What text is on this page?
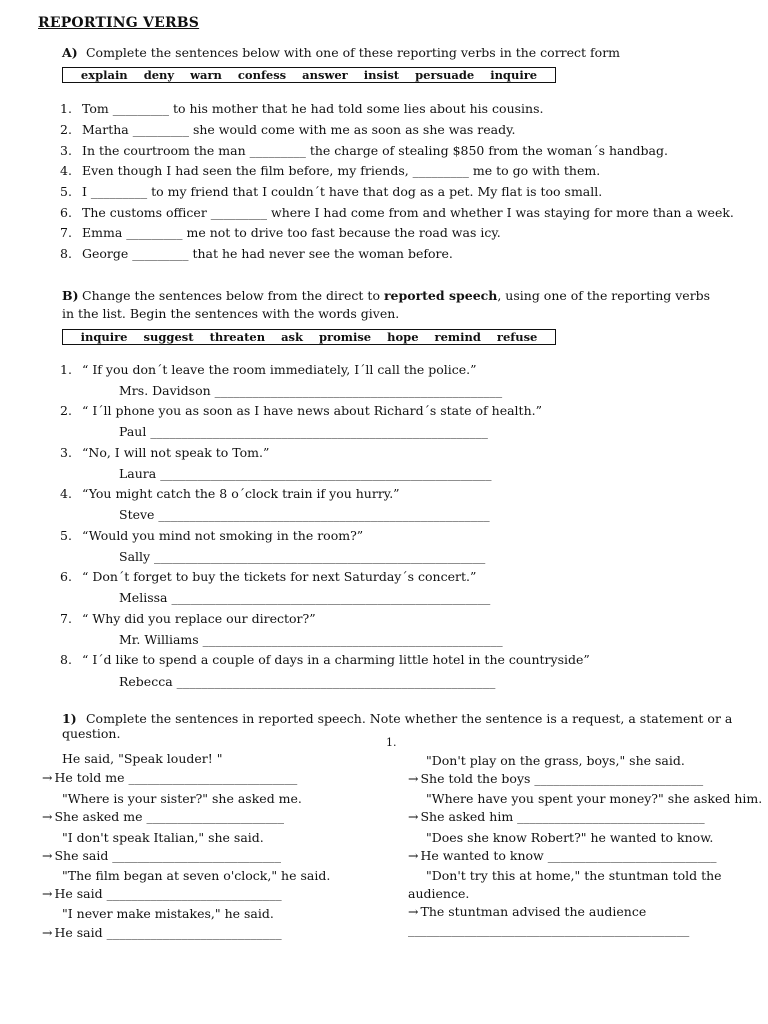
REPORTING VERBS
A) Complete the sentences below with one of these reporting verbs in the correct form
explain deny warn confess answer insist persuade inquire
1. Tom _________ to his mother that he had told some lies about his cousins.
2. Martha _________ she would come with me as soon as she was ready.
3. In the courtroom the man _________ the charge of stealing $850 from the woman´s handbag.
4. Even though I had seen the film before, my friends, _________ me to go with them.
5. I _________ to my friend that I couldn´t have that dog as a pet. My flat is too small.
6. The customs officer _________ where I had come from and whether I was staying for more than a week.
7. Emma _________ me not to drive too fast because the road was icy.
8. George _________ that he had never see the woman before.
B) Change the sentences below from the direct to reported speech, using one of the reporting verbs in the list. Begin the sentences with the words given.
inquire suggest threaten ask promise hope remind refuse
1. “ If you don´t leave the room immediately, I´ll call the police.”
2. “ I´ll phone you as soon as I have news about Richard´s state of health.”
3. “No, I will not speak to Tom.”
4. “You might catch the 8 o´clock train if you hurry.”
5. “Would you mind not smoking in the room?”
6. “ Don´t forget to buy the tickets for next Saturday´s concert.”
7. “ Why did you replace our director?”
8. “ I´d like to spend a couple of days in a charming little hotel in the countryside”
Mrs. Davidson ______________________________________________
Paul ______________________________________________________
Laura _____________________________________________________
Steve _____________________________________________________
Sally _____________________________________________________
Melissa ___________________________________________________
Mr. Williams ________________________________________________
Rebecca ___________________________________________________
1) Complete the sentences in reported speech. Note whether the sentence is a request, a statement or a question.
1.
He said, "Speak louder! "
→ He told me ___________________________
"Where is your sister?" she asked me.
→ She asked me ______________________
"I don't speak Italian," she said.
→ She said ___________________________
"The film began at seven o'clock," he said.
→ He said ____________________________
"I never make mistakes," he said.
→ He said ____________________________
"Don't play on the grass, boys," she said.
→ She told the boys ___________________________
"Where have you spent your money?" she asked him.
→ She asked him ______________________________
"Does she know Robert?" he wanted to know.
→ He wanted to know ___________________________
"Don't try this at home," the stuntman told the
audience.
→ The stuntman advised the audience
_____________________________________________
